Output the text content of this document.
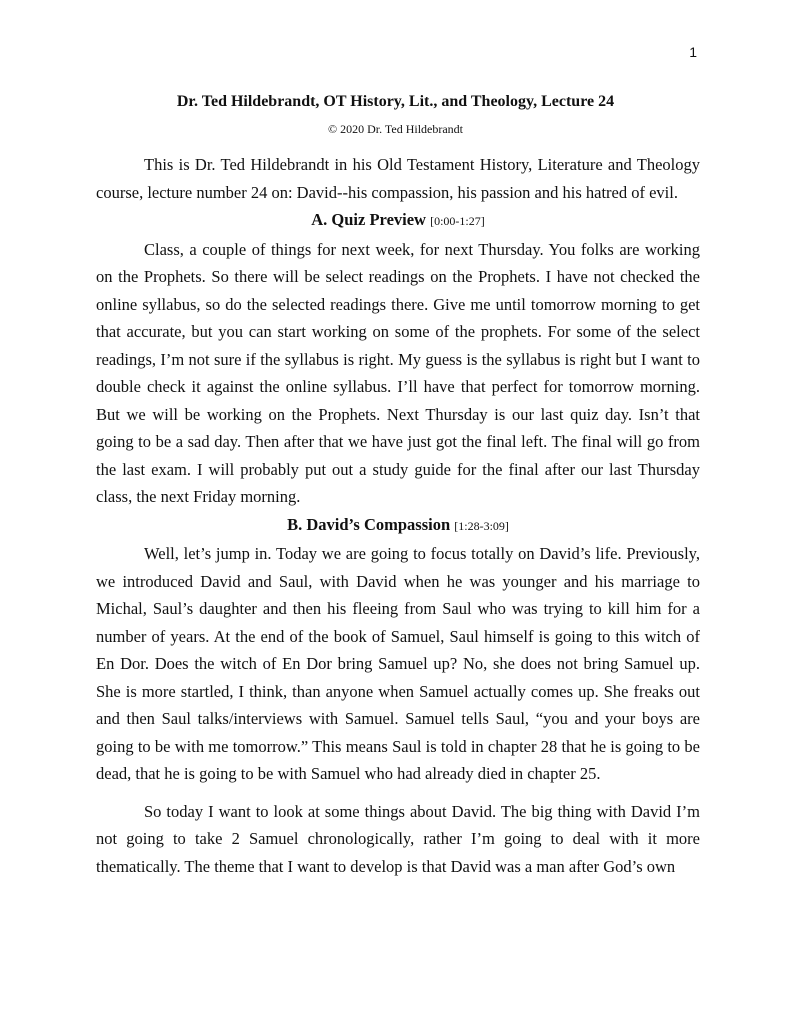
1
Dr. Ted Hildebrandt, OT History, Lit., and Theology, Lecture 24
© 2020 Dr. Ted Hildebrandt

This is Dr. Ted Hildebrandt in his Old Testament History, Literature and Theology course, lecture number 24 on: David--his compassion, his passion and his hatred of evil.

A. Quiz Preview [0:00-1:27]

Class, a couple of things for next week, for next Thursday. You folks are working on the Prophets. So there will be select readings on the Prophets. I have not checked the online syllabus, so do the selected readings there. Give me until tomorrow morning to get that accurate, but you can start working on some of the prophets. For some of the select readings, I’m not sure if the syllabus is right. My guess is the syllabus is right but I want to double check it against the online syllabus. I’ll have that perfect for tomorrow morning. But we will be working on the Prophets. Next Thursday is our last quiz day. Isn’t that going to be a sad day. Then after that we have just got the final left. The final will go from the last exam. I will probably put out a study guide for the final after our last Thursday class, the next Friday morning.

B. David’s Compassion [1:28-3:09]

Well, let’s jump in. Today we are going to focus totally on David’s life. Previously, we introduced David and Saul, with David when he was younger and his marriage to Michal, Saul’s daughter and then his fleeing from Saul who was trying to kill him for a number of years. At the end of the book of Samuel, Saul himself is going to this witch of En Dor. Does the witch of En Dor bring Samuel up? No, she does not bring Samuel up. She is more startled, I think, than anyone when Samuel actually comes up. She freaks out and then Saul talks/interviews with Samuel. Samuel tells Saul, “you and your boys are going to be with me tomorrow.” This means Saul is told in chapter 28 that he is going to be dead, that he is going to be with Samuel who had already died in chapter 25.

So today I want to look at some things about David. The big thing with David I’m not going to take 2 Samuel chronologically, rather I’m going to deal with it more thematically. The theme that I want to develop is that David was a man after God’s own
